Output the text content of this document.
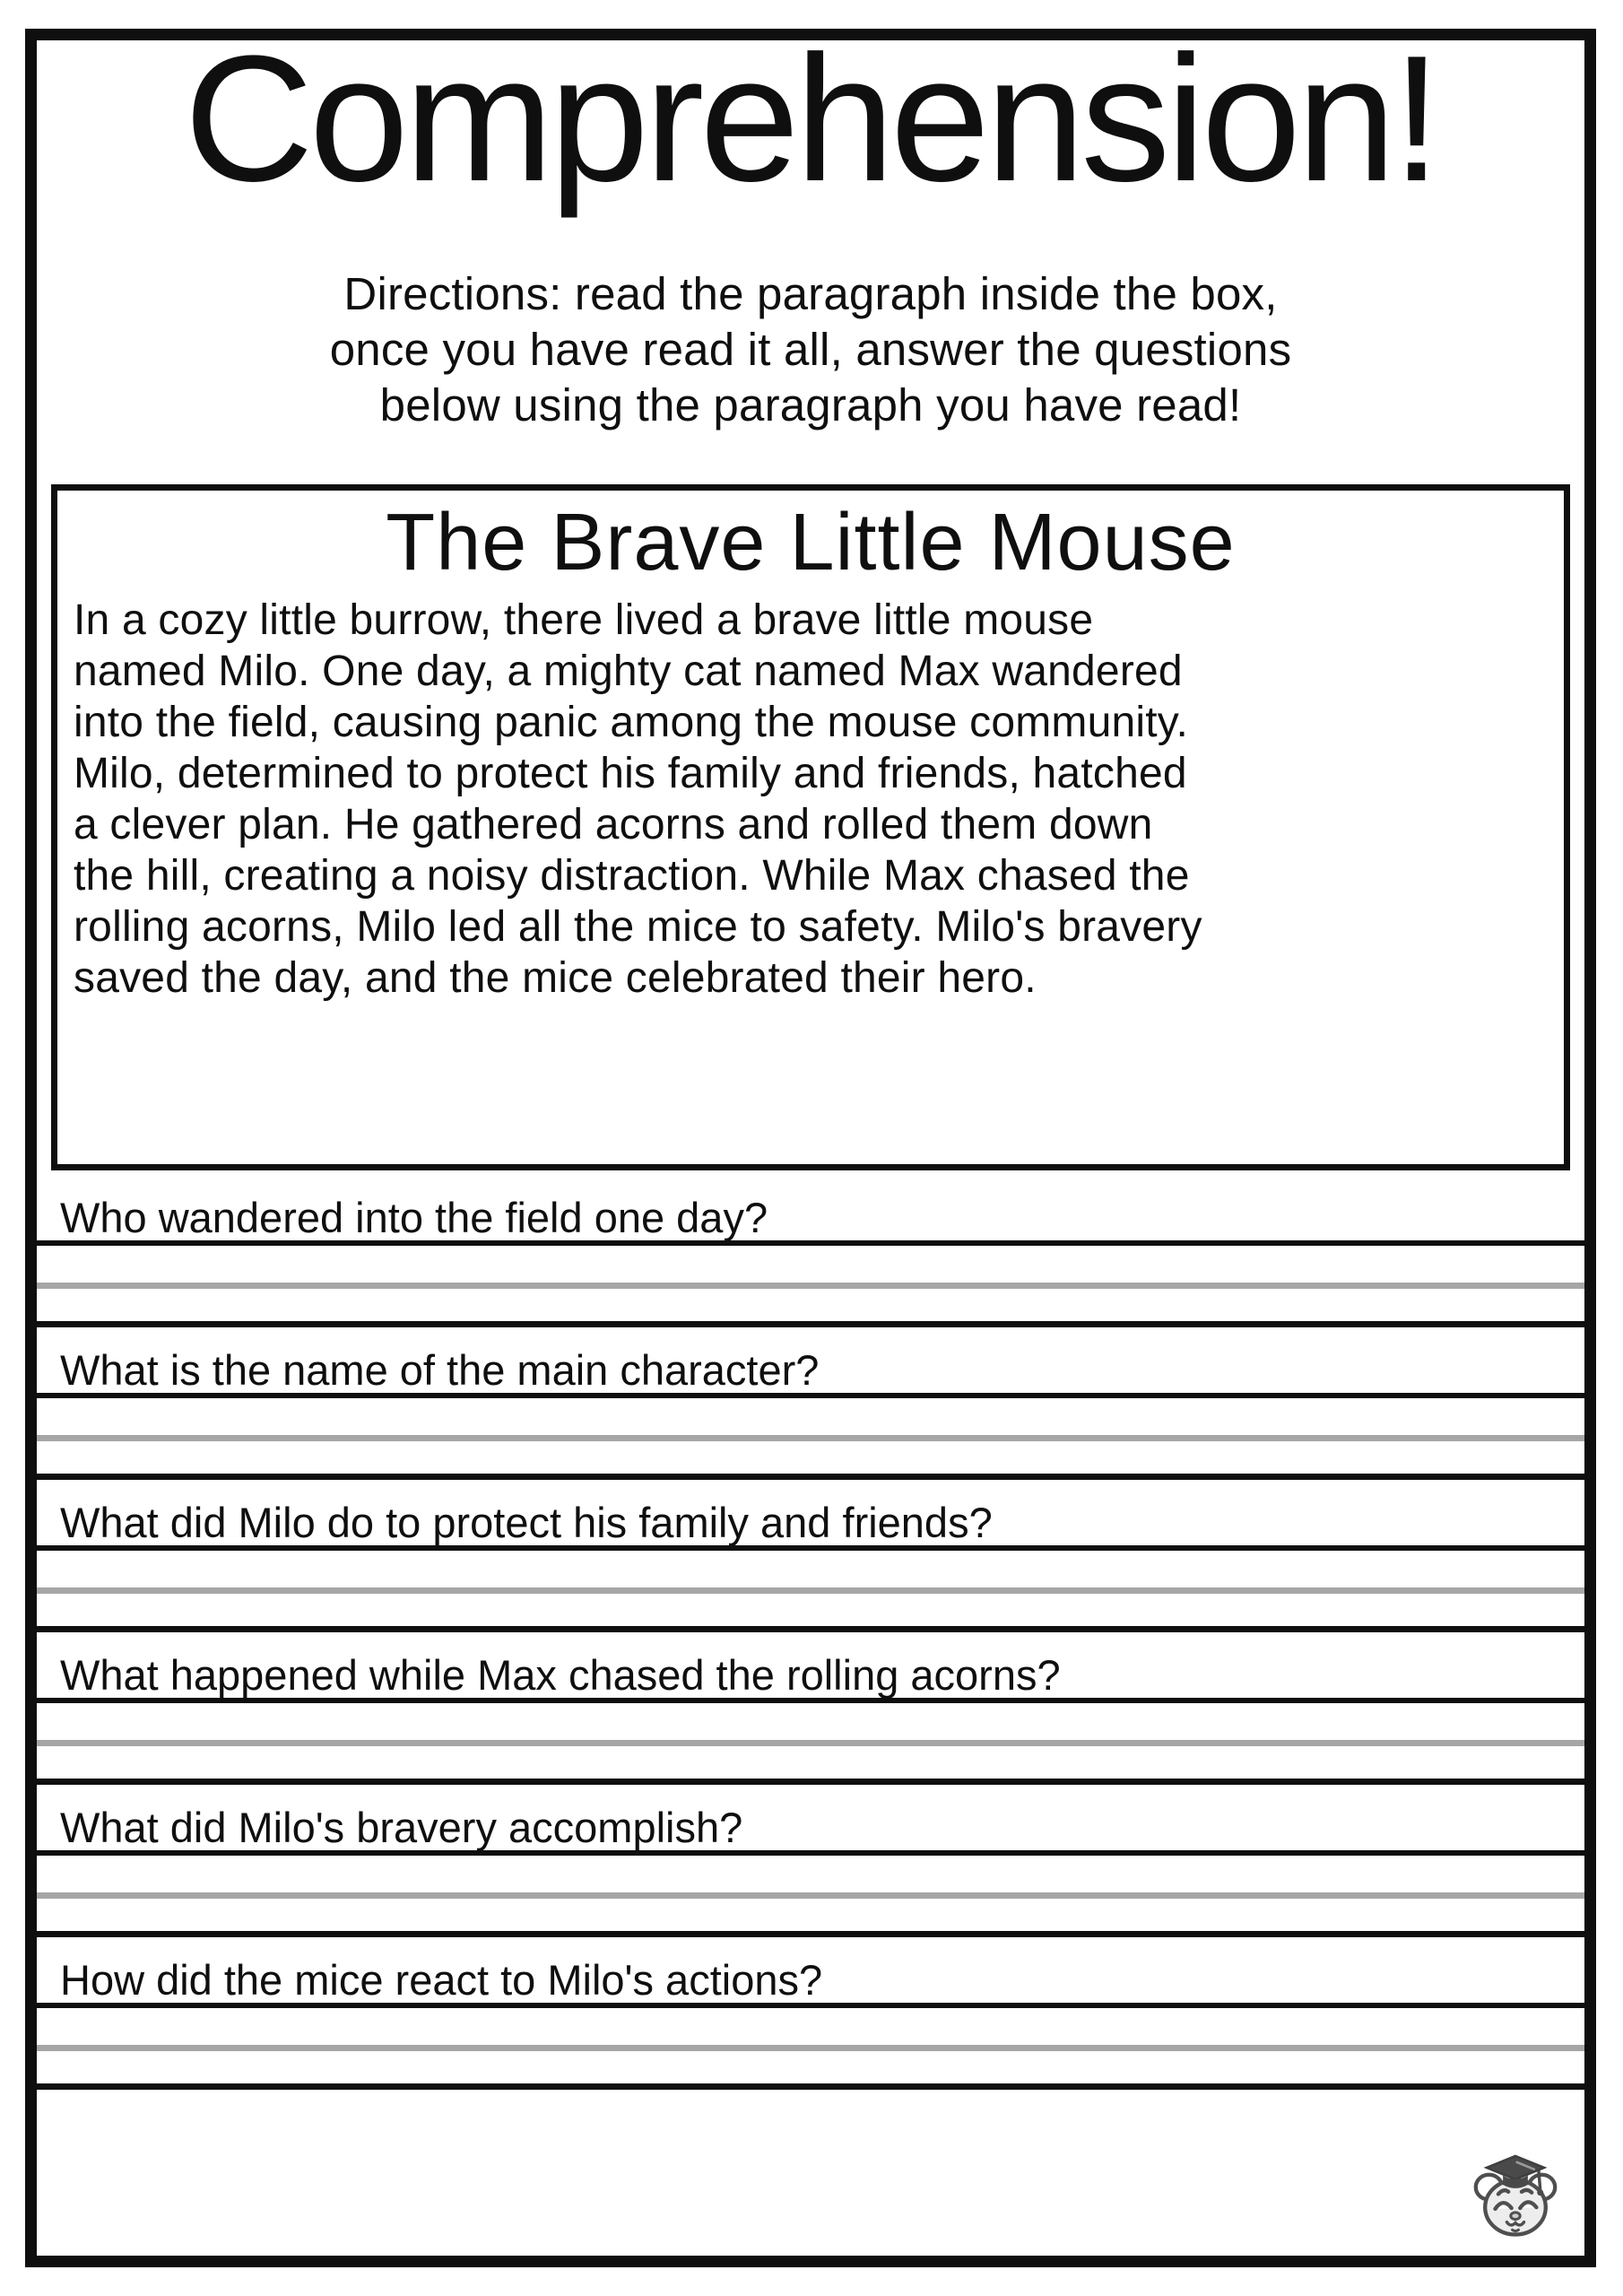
Comprehension!
Directions: read the paragraph inside the box,
once you have read it all, answer the questions
below using the paragraph you have read!
The Brave Little Mouse
In a cozy little burrow, there lived a brave little mouse
named Milo. One day, a mighty cat named Max wandered
into the field, causing panic among the mouse community.
Milo, determined to protect his family and friends, hatched
a clever plan. He gathered acorns and rolled them down
the hill, creating a noisy distraction. While Max chased the
rolling acorns, Milo led all the mice to safety. Milo's bravery
saved the day, and the mice celebrated their hero.
Who wandered into the field one day?
What is the name of the main character?
What did Milo do to protect his family and friends?
What happened while Max chased the rolling acorns?
What did Milo's bravery accomplish?
How did the mice react to Milo's actions?
